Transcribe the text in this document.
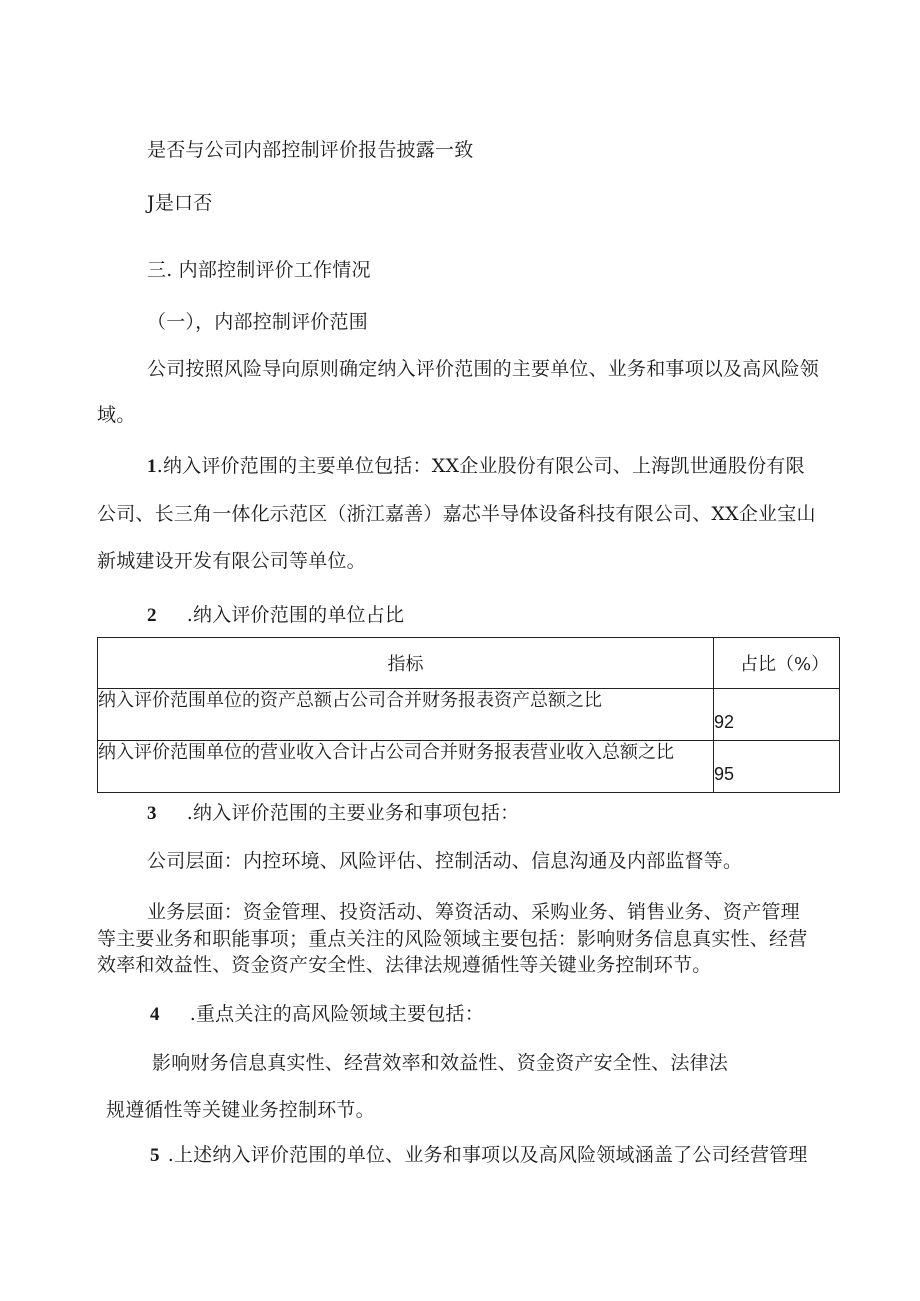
是否与公司内部控制评价报告披露一致
J是口否
三. 内部控制评价工作情况
（一），内部控制评价范围
公司按照风险导向原则确定纳入评价范围的主要单位、业务和事项以及高风险领
域。
1.纳入评价范围的主要单位包括：XX企业股份有限公司、上海凯世通股份有限
公司、长三角一体化示范区（浙江嘉善）嘉芯半导体设备科技有限公司、XX企业宝山
新城建设开发有限公司等单位。
2 .纳入评价范围的单位占比
指标	占比（%）
纳入评价范围单位的资产总额占公司合并财务报表资产总额之比	92
纳入评价范围单位的营业收入合计占公司合并财务报表营业收入总额之比	95
3 .纳入评价范围的主要业务和事项包括：
公司层面：内控环境、风险评估、控制活动、信息沟通及内部监督等。
业务层面：资金管理、投资活动、筹资活动、采购业务、销售业务、资产管理
等主要业务和职能事项；重点关注的风险领域主要包括：影响财务信息真实性、经营
效率和效益性、资金资产安全性、法律法规遵循性等关键业务控制环节。
4 .重点关注的高风险领域主要包括：
影响财务信息真实性、经营效率和效益性、资金资产安全性、法律法
规遵循性等关键业务控制环节。
5 .上述纳入评价范围的单位、业务和事项以及高风险领域涵盖了公司经营管理
